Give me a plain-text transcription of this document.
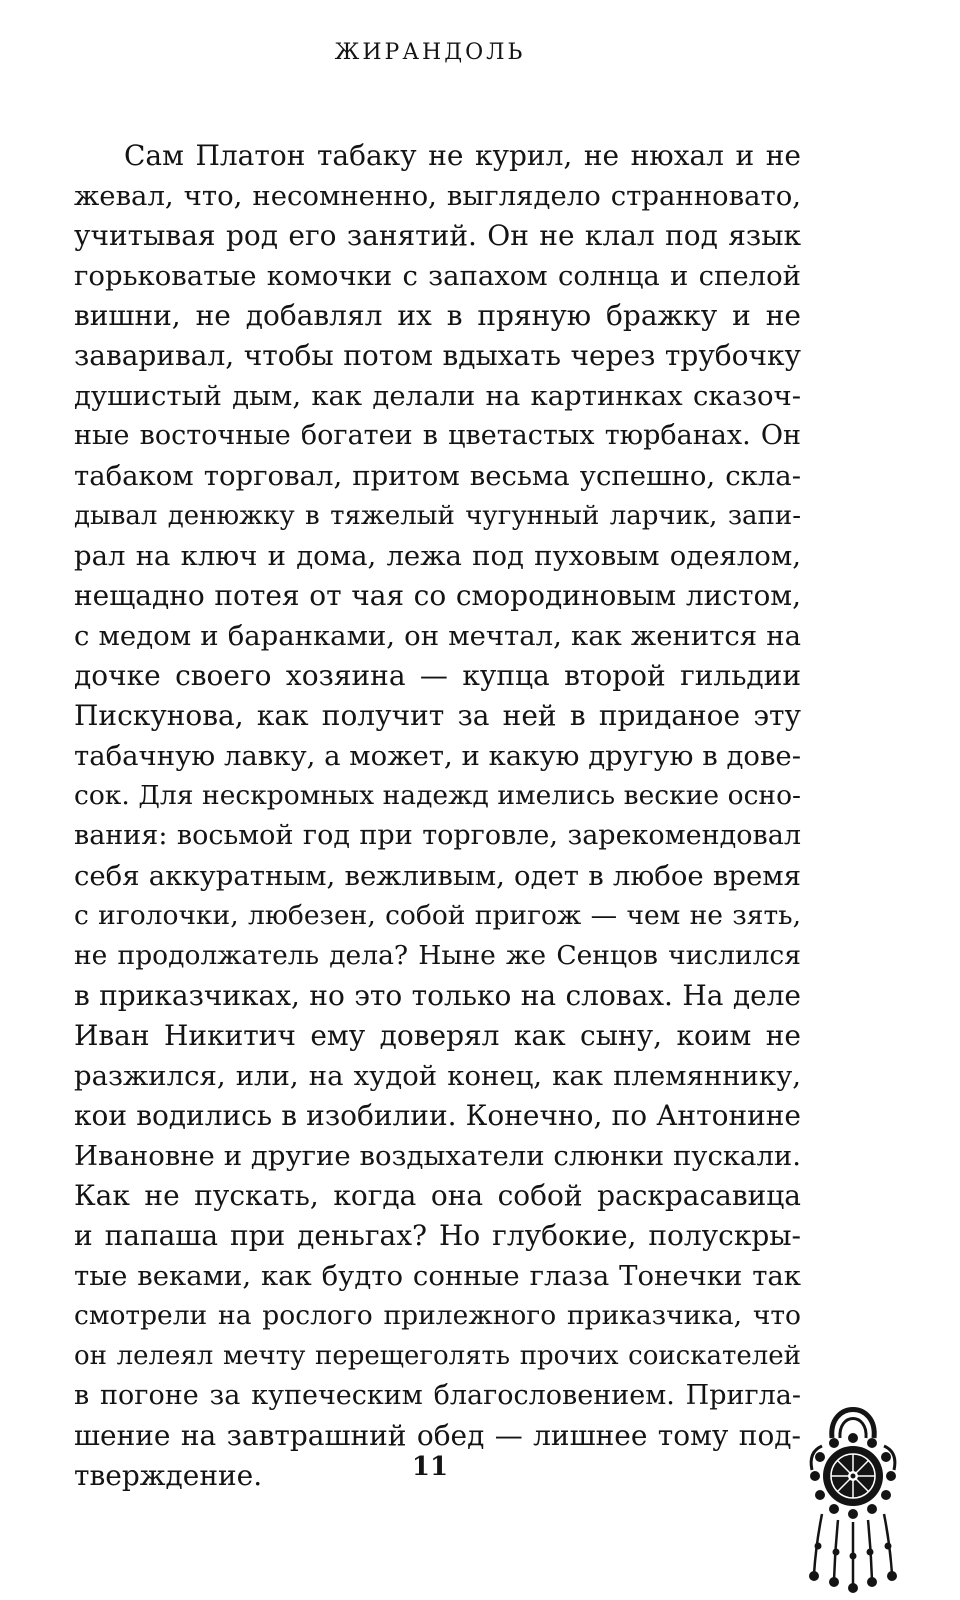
ЖИРАНДОЛЬ
Сам Платон табаку не курил, не нюхал и не
жевал, что, несомненно, выглядело странновато,
учитывая род его занятий. Он не клал под язык
горьковатые комочки с запахом солнца и спелой
вишни, не добавлял их в пряную бражку и не
заваривал, чтобы потом вдыхать через трубочку
душистый дым, как делали на картинках сказоч-
ные восточные богатеи в цветастых тюрбанах. Он
табаком торговал, притом весьма успешно, скла-
дывал денюжку в тяжелый чугунный ларчик, запи-
рал на ключ и дома, лежа под пуховым одеялом,
нещадно потея от чая со смородиновым листом,
с медом и баранками, он мечтал, как женится на
дочке своего хозяина — купца второй гильдии
Пискунова, как получит за ней в приданое эту
табачную лавку, а может, и какую другую в дове-
сок. Для нескромных надежд имелись веские осно-
вания: восьмой год при торговле, зарекомендовал
себя аккуратным, вежливым, одет в любое время
с иголочки, любезен, собой пригож — чем не зять,
не продолжатель дела? Ныне же Сенцов числился
в приказчиках, но это только на словах. На деле
Иван Никитич ему доверял как сыну, коим не
разжился, или, на худой конец, как племяннику,
кои водились в изобилии. Конечно, по Антонине
Ивановне и другие воздыхатели слюнки пускали.
Как не пускать, когда она собой раскрасавица
и папаша при деньгах? Но глубокие, полускры-
тые веками, как будто сонные глаза Тонечки так
смотрели на рослого прилежного приказчика, что
он лелеял мечту перещеголять прочих соискателей
в погоне за купеческим благословением. Пригла-
шение на завтрашний обед — лишнее тому под-
тверждение.	11
